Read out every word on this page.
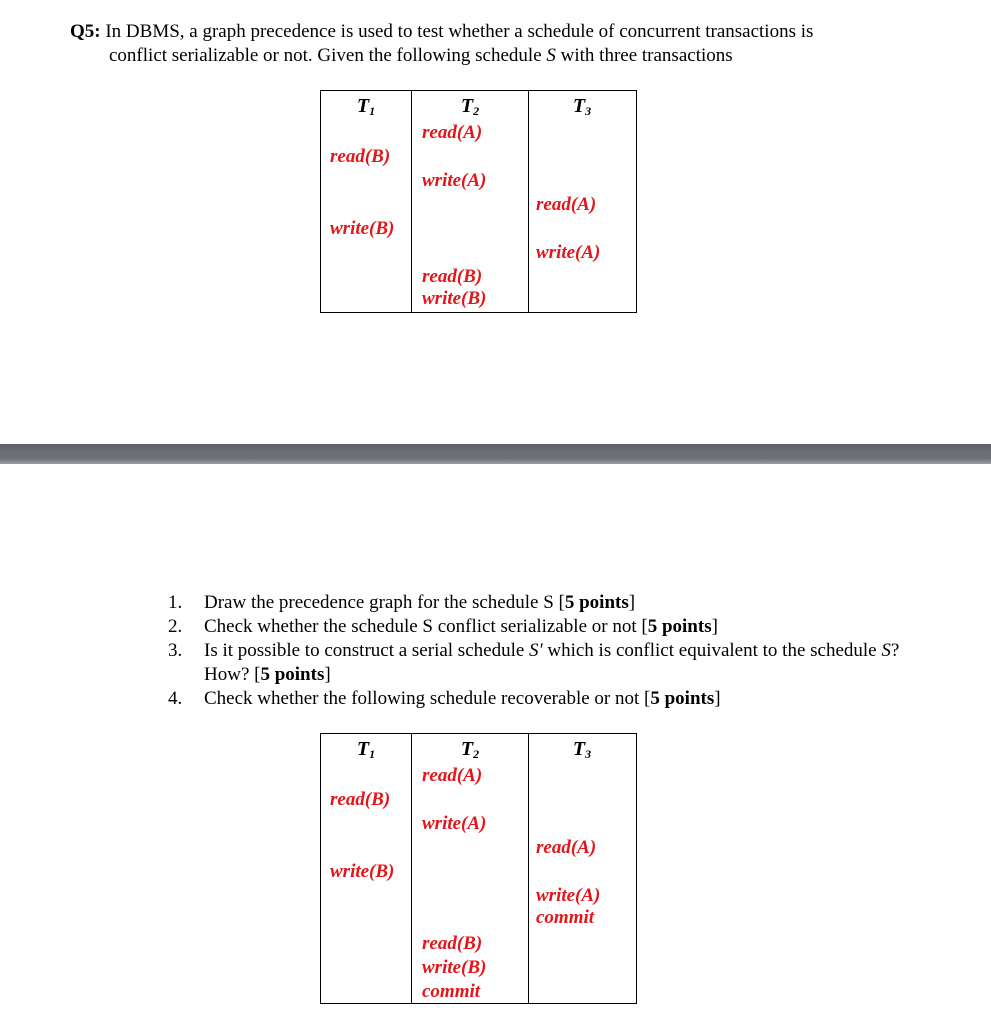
Q5: In DBMS, a graph precedence is used to test whether a schedule of concurrent transactions is
conflict serializable or not. Given the following schedule S with three transactions
$T_1$
read(B)
write(B)
$T_2$
read(A)
write(A)
read(B)
write(B)
$T_3$
read(A)
write(A)
1. Draw the precedence graph for the schedule S [5 points]
2. Check whether the schedule S conflict serializable or not [5 points]
3. Is it possible to construct a serial schedule S' which is conflict equivalent to the schedule S? How? [5 points]
4. Check whether the following schedule recoverable or not [5 points]
$T_1$
read(B)
write(B)
$T_2$
read(A)
write(A)
read(B)
write(B)
commit
$T_3$
read(A)
write(A)
commit
